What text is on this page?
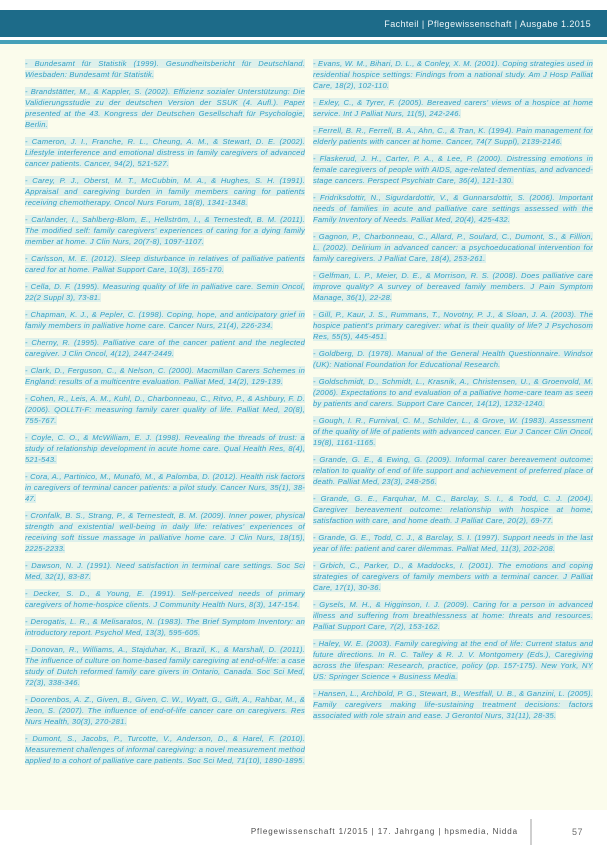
Fachteil | Pflegewissenschaft | Ausgabe 1.2015

- Bundesamt für Statistik (1999). Gesundheitsbericht für Deutschland. Wiesbaden: Bundesamt für Statistik.

- Brandstätter, M., & Kappler, S. (2002). Effizienz sozialer Unterstützung: Die Validierungsstudie zu der deutschen Version der SSUK (4. Aufl.). Paper presented at the 43. Kongress der Deutschen Gesellschaft für Psychologie, Berlin.

- Cameron, J. I., Franche, R. L., Cheung, A. M., & Stewart, D. E. (2002). Lifestyle interference and emotional distress in family caregivers of advanced cancer patients. Cancer, 94(2), 521-527.

- Carey, P. J., Oberst, M. T., McCubbin, M. A., & Hughes, S. H. (1991). Appraisal and caregiving burden in family members caring for patients receiving chemotherapy. Oncol Nurs Forum, 18(8), 1341-1348.

- Carlander, I., Sahlberg-Blom, E., Hellström, I., & Ternestedt, B. M. (2011). The modified self: family caregivers' experiences of caring for a dying family member at home. J Clin Nurs, 20(7-8), 1097-1107.

- Carlsson, M. E. (2012). Sleep disturbance in relatives of palliative patients cared for at home. Palliat Support Care, 10(3), 165-170.

- Cella, D. F. (1995). Measuring quality of life in palliative care. Semin Oncol, 22(2 Suppl 3), 73-81.

- Chapman, K. J., & Pepler, C. (1998). Coping, hope, and anticipatory grief in family members in palliative home care. Cancer Nurs, 21(4), 226-234.

- Cherny, R. (1995). Palliative care of the cancer patient and the neglected caregiver. J Clin Oncol, 4(12), 2447-2449.

- Clark, D., Ferguson, C., & Nelson, C. (2000). Macmillan Carers Schemes in England: results of a multicentre evaluation. Palliat Med, 14(2), 129-139.

- Cohen, R., Leis, A. M., Kuhl, D., Charbonneau, C., Ritvo, P., & Ashbury, F. D. (2006). QOLLTI-F: measuring family carer quality of life. Palliat Med, 20(8), 755-767.

- Coyle, C. O., & McWilliam, E. J. (1998). Revealing the threads of trust: a study of relationship development in acute home care. Qual Health Res, 8(4), 521-543.

- Cora, A., Partinico, M., Munafò, M., & Palomba, D. (2012). Health risk factors in caregivers of terminal cancer patients: a pilot study. Cancer Nurs, 35(1), 38-47.

- Cronfalk, B. S., Strang, P., & Ternestedt, B. M. (2009). Inner power, physical strength and existential well-being in daily life: relatives' experiences of receiving soft tissue massage in palliative home care. J Clin Nurs, 18(15), 2225-2233.

- Dawson, N. J. (1991). Need satisfaction in terminal care settings. Soc Sci Med, 32(1), 83-87.

- Decker, S. D., & Young, E. (1991). Self-perceived needs of primary caregivers of home-hospice clients. J Community Health Nurs, 8(3), 147-154.

- Derogatis, L. R., & Melisaratos, N. (1983). The Brief Symptom Inventory: an introductory report. Psychol Med, 13(3), 595-605.

- Donovan, R., Williams, A., Stajduhar, K., Brazil, K., & Marshall, D. (2011). The influence of culture on home-based family caregiving at end-of-life: a case study of Dutch reformed family care givers in Ontario, Canada. Soc Sci Med, 72(3), 338-346.

- Doorenbos, A. Z., Given, B., Given, C. W., Wyatt, G., Gift, A., Rahbar, M., & Jeon, S. (2007). The influence of end-of-life cancer care on caregivers. Res Nurs Health, 30(3), 270-281.

- Dumont, S., Jacobs, P., Turcotte, V., Anderson, D., & Harel, F. (2010). Measurement challenges of informal caregiving: a novel measurement method applied to a cohort of palliative care patients. Soc Sci Med, 71(10), 1890-1895.

- Evans, W. M., Bihari, D. L., & Conley, X. M. (2001). Coping strategies used in residential hospice settings: Findings from a national study. Am J Hosp Palliat Care, 18(2), 102-110.

- Exley, C., & Tyrer, F. (2005). Bereaved carers' views of a hospice at home service. Int J Palliat Nurs, 11(5), 242-246.

- Ferrell, B. R., Ferrell, B. A., Ahn, C., & Tran, K. (1994). Pain management for elderly patients with cancer at home. Cancer, 74(7 Suppl), 2139-2146.

- Flaskerud, J. H., Carter, P. A., & Lee, P. (2000). Distressing emotions in female caregivers of people with AIDS, age-related dementias, and advanced-stage cancers. Perspect Psychiatr Care, 36(4), 121-130.

- Fridriksdottir, N., Sigurdardottir, V., & Gunnarsdottir, S. (2006). Important needs of families in acute and palliative care settings assessed with the Family Inventory of Needs. Palliat Med, 20(4), 425-432.

- Gagnon, P., Charbonneau, C., Allard, P., Soulard, C., Dumont, S., & Fillion, L. (2002). Delirium in advanced cancer: a psychoeducational intervention for family caregivers. J Palliat Care, 18(4), 253-261.

- Gelfman, L. P., Meier, D. E., & Morrison, R. S. (2008). Does palliative care improve quality? A survey of bereaved family members. J Pain Symptom Manage, 36(1), 22-28.

- Gill, P., Kaur, J. S., Rummans, T., Novotny, P. J., & Sloan, J. A. (2003). The hospice patient's primary caregiver: what is their quality of life? J Psychosom Res, 55(5), 445-451.

- Goldberg, D. (1978). Manual of the General Health Questionnaire. Windsor (UK): National Foundation for Educational Research.

- Goldschmidt, D., Schmidt, L., Krasnik, A., Christensen, U., & Groenvold, M. (2006). Expectations to and evaluation of a palliative home-care team as seen by patients and carers. Support Care Cancer, 14(12), 1232-1240.

- Gough, I. R., Furnival, C. M., Schilder, L., & Grove, W. (1983). Assessment of the quality of life of patients with advanced cancer. Eur J Cancer Clin Oncol, 19(8), 1161-1165.

- Grande, G. E., & Ewing, G. (2009). Informal carer bereavement outcome: relation to quality of end of life support and achievement of preferred place of death. Palliat Med, 23(3), 248-256.

- Grande, G. E., Farquhar, M. C., Barclay, S. I., & Todd, C. J. (2004). Caregiver bereavement outcome: relationship with hospice at home, satisfaction with care, and home death. J Palliat Care, 20(2), 69-77.

- Grande, G. E., Todd, C. J., & Barclay, S. I. (1997). Support needs in the last year of life: patient and carer dilemmas. Palliat Med, 11(3), 202-208.

- Grbich, C., Parker, D., & Maddocks, I. (2001). The emotions and coping strategies of caregivers of family members with a terminal cancer. J Palliat Care, 17(1), 30-36.

- Gysels, M. H., & Higginson, I. J. (2009). Caring for a person in advanced illness and suffering from breathlessness at home: threats and resources. Palliat Support Care, 7(2), 153-162.

- Haley, W. E. (2003). Family caregiving at the end of life: Current status and future directions. In R. C. Talley & R. J. V. Montgomery (Eds.), Caregiving across the lifespan: Research, practice, policy (pp. 157-175). New York, NY US: Springer Science + Business Media.

- Hansen, L., Archbold, P. G., Stewart, B., Westfall, U. B., & Ganzini, L. (2005). Family caregivers making life-sustaining treatment decisions: factors associated with role strain and ease. J Gerontol Nurs, 31(11), 28-35.

Pflegewissenschaft 1/2015 | 17. Jahrgang | hpsmedia, Nidda	57
